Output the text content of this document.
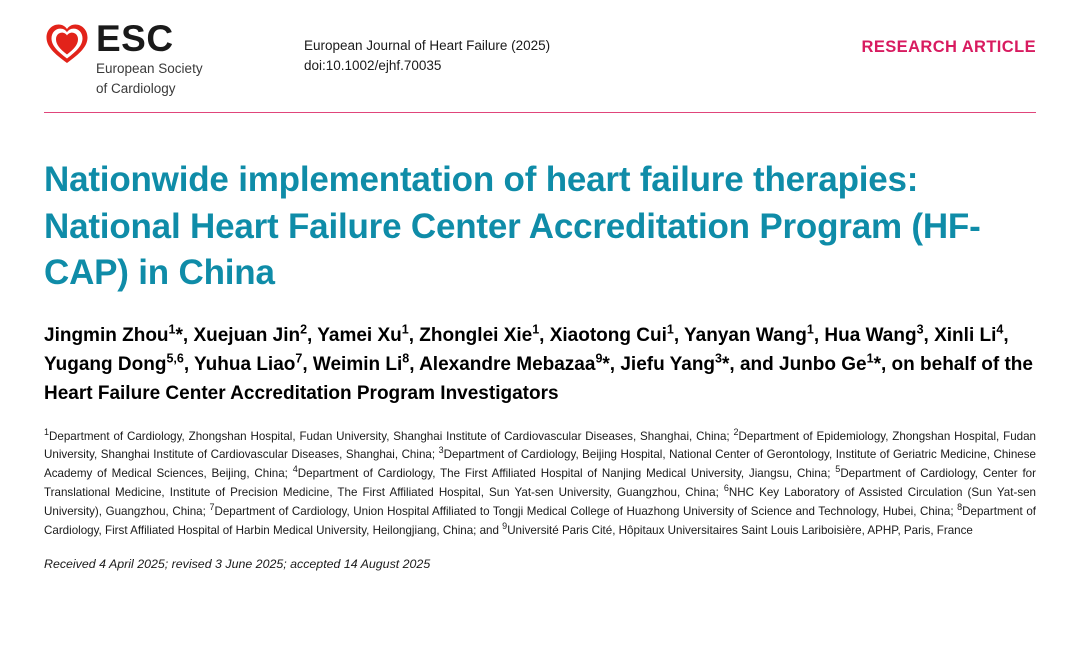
ESC
European Society
of Cardiology
European Journal of Heart Failure (2025)
doi:10.1002/ejhf.70035
RESEARCH ARTICLE
Nationwide implementation of heart failure therapies: National Heart Failure Center Accreditation Program (HF-CAP) in China
Jingmin Zhou$^1$*, Xuejuan Jin$^2$, Yamei Xu$^1$, Zhonglei Xie$^1$, Xiaotong Cui$^1$, Yanyan Wang$^1$, Hua Wang$^3$, Xinli Li$^4$, Yugang Dong$^{5,6}$, Yuhua Liao$^7$, Weimin Li$^8$, Alexandre Mebazaa$^9$*, Jiefu Yang$^3$*, and Junbo Ge$^1$*, on behalf of the Heart Failure Center Accreditation Program Investigators
$^1$Department of Cardiology, Zhongshan Hospital, Fudan University, Shanghai Institute of Cardiovascular Diseases, Shanghai, China; $^2$Department of Epidemiology, Zhongshan Hospital, Fudan University, Shanghai Institute of Cardiovascular Diseases, Shanghai, China; $^3$Department of Cardiology, Beijing Hospital, National Center of Gerontology, Institute of Geriatric Medicine, Chinese Academy of Medical Sciences, Beijing, China; $^4$Department of Cardiology, The First Affiliated Hospital of Nanjing Medical University, Jiangsu, China; $^5$Department of Cardiology, Center for Translational Medicine, Institute of Precision Medicine, The First Affiliated Hospital, Sun Yat-sen University, Guangzhou, China; $^6$NHC Key Laboratory of Assisted Circulation (Sun Yat-sen University), Guangzhou, China; $^7$Department of Cardiology, Union Hospital Affiliated to Tongji Medical College of Huazhong University of Science and Technology, Hubei, China; $^8$Department of Cardiology, First Affiliated Hospital of Harbin Medical University, Heilongjiang, China; and $^9$Université Paris Cité, Hôpitaux Universitaires Saint Louis Lariboisière, APHP, Paris, France
Received 4 April 2025; revised 3 June 2025; accepted 14 August 2025
